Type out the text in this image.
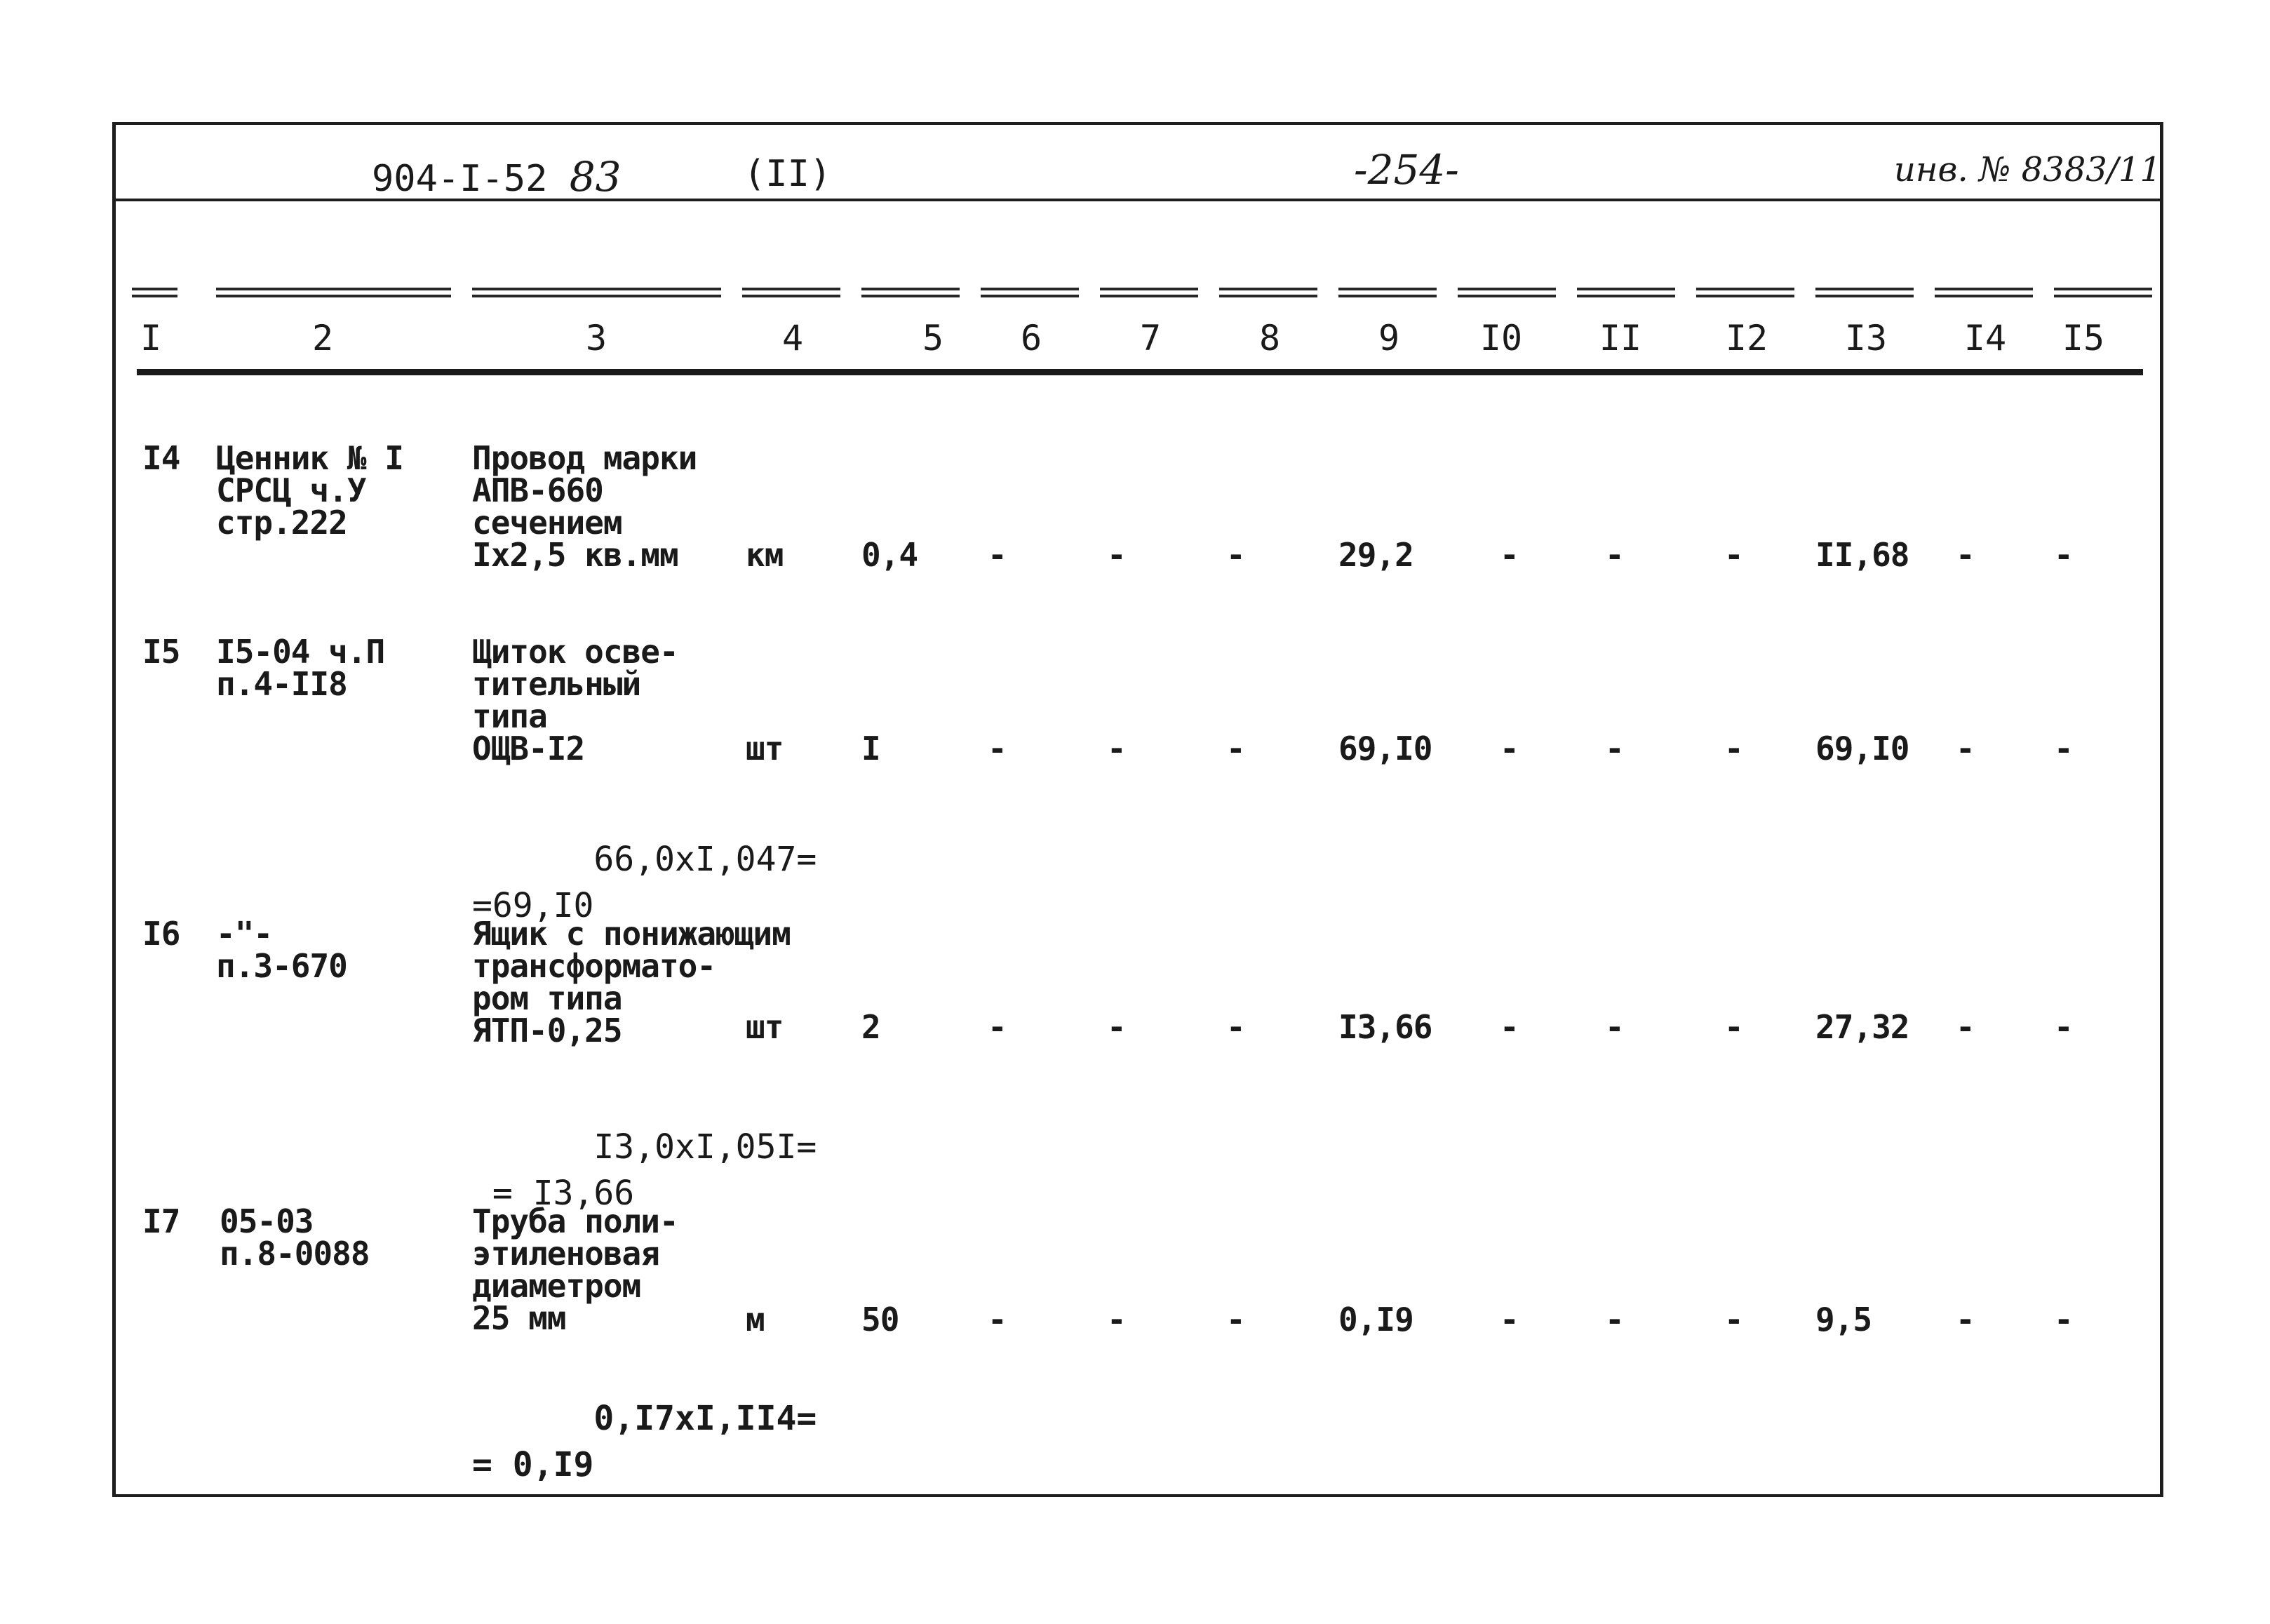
904-I-52 83	(II)	-254-	инв. № 8383/11
I	2	3	4	5 6	7	8	9 I0 II I2 I3 I4 I5
I4 Ценник № I
СРСЦ ч.У
стр.222
Провод марки
АПВ-660
сечением
Iх2,5 кв.мм	км 0,4 -	-	-	29,2	-	-	- II,68 - -
I5 I5-04 ч.П
п.4-II8
Щиток осве-
тительный
типа
ОЩВ-I2	шт I	-	-	-	69,I0 -	-	- 69,I0 - -

66,0хI,047=
=69,I0
I6 -"-
п.3-670
Ящик с понижающим
трансформато-
ром типа
ЯТП-0,25	шт 2	-	-	-	I3,66 -	-	- 27,32 - -

I3,0хI,05I=
= I3,66
I7 05-03
п.8-0088
Труба поли-
этиленовая
диаметром
25 мм	м	50	-	-	-	0,I9	-	-	- 9,5	- -

0,I7хI,II4=
= 0,I9
